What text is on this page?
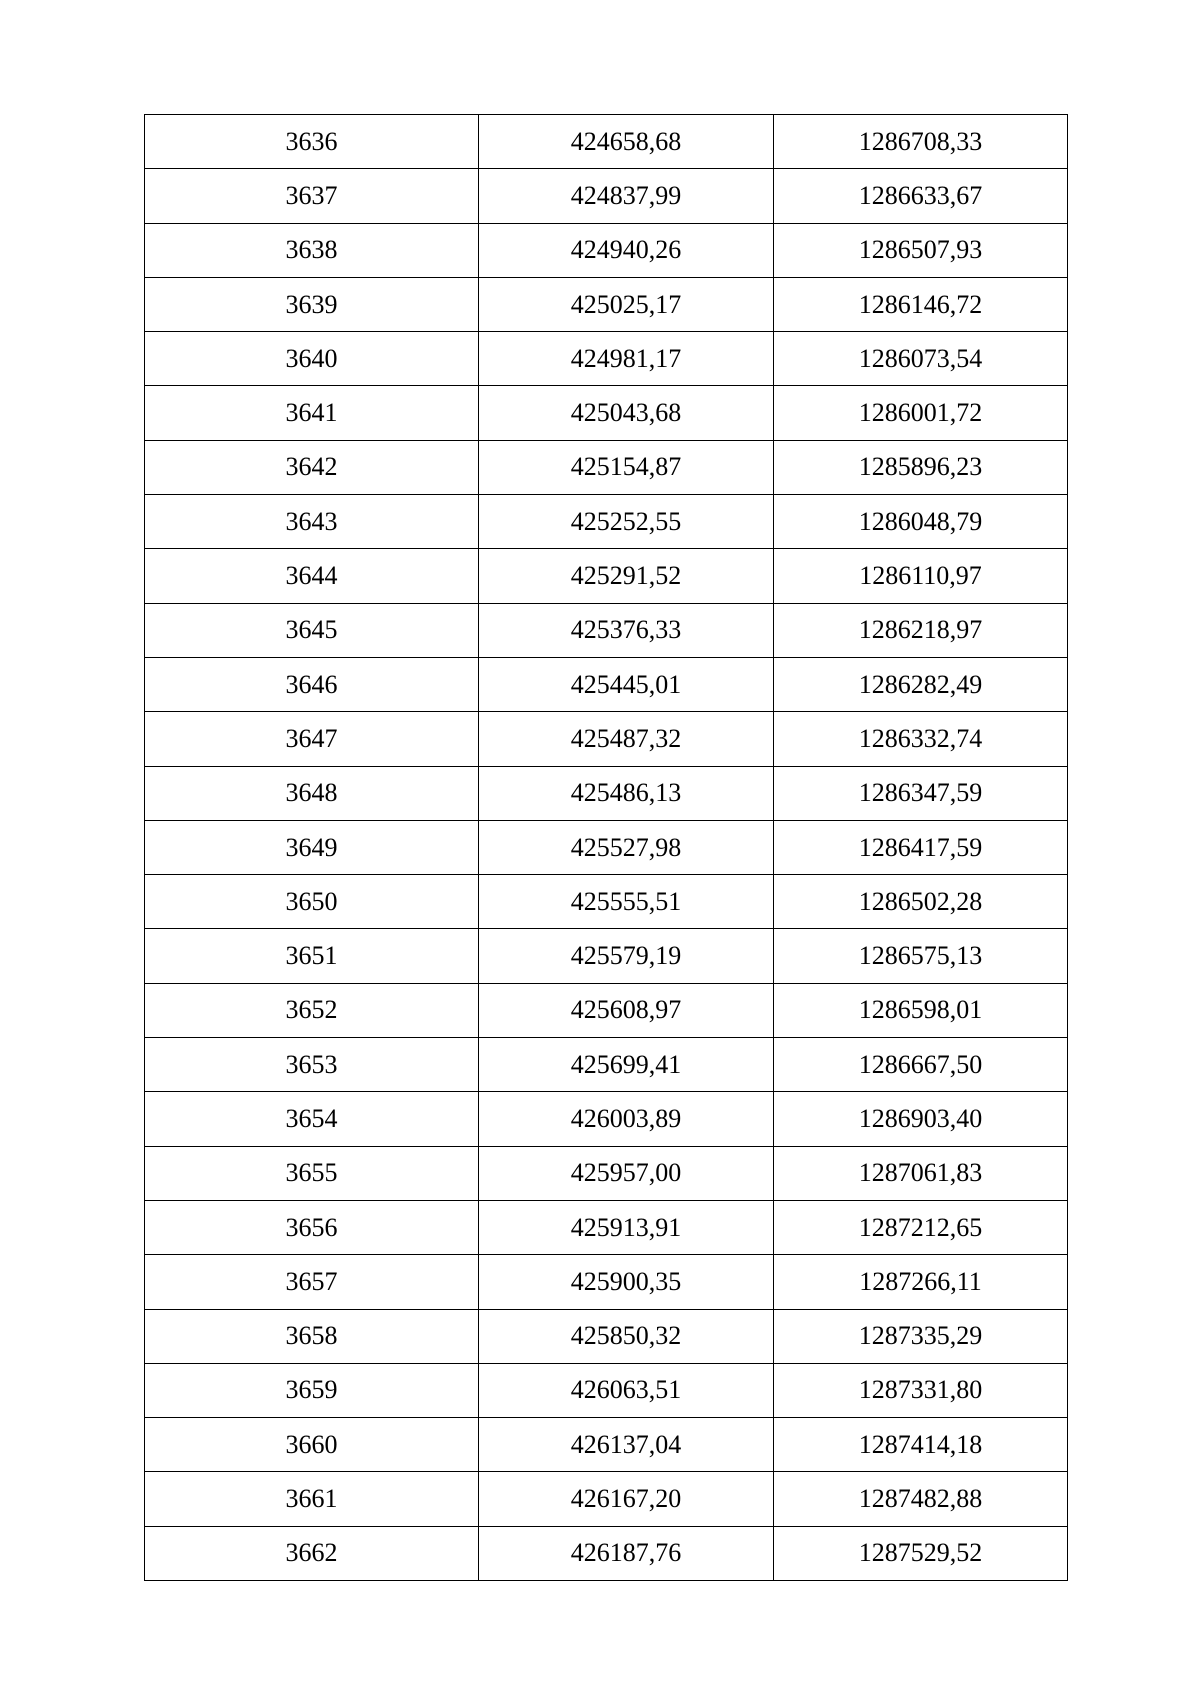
3636	424658,68	1286708,33
3637	424837,99	1286633,67
3638	424940,26	1286507,93
3639	425025,17	1286146,72
3640	424981,17	1286073,54
3641	425043,68	1286001,72
3642	425154,87	1285896,23
3643	425252,55	1286048,79
3644	425291,52	1286110,97
3645	425376,33	1286218,97
3646	425445,01	1286282,49
3647	425487,32	1286332,74
3648	425486,13	1286347,59
3649	425527,98	1286417,59
3650	425555,51	1286502,28
3651	425579,19	1286575,13
3652	425608,97	1286598,01
3653	425699,41	1286667,50
3654	426003,89	1286903,40
3655	425957,00	1287061,83
3656	425913,91	1287212,65
3657	425900,35	1287266,11
3658	425850,32	1287335,29
3659	426063,51	1287331,80
3660	426137,04	1287414,18
3661	426167,20	1287482,88
3662	426187,76	1287529,52
